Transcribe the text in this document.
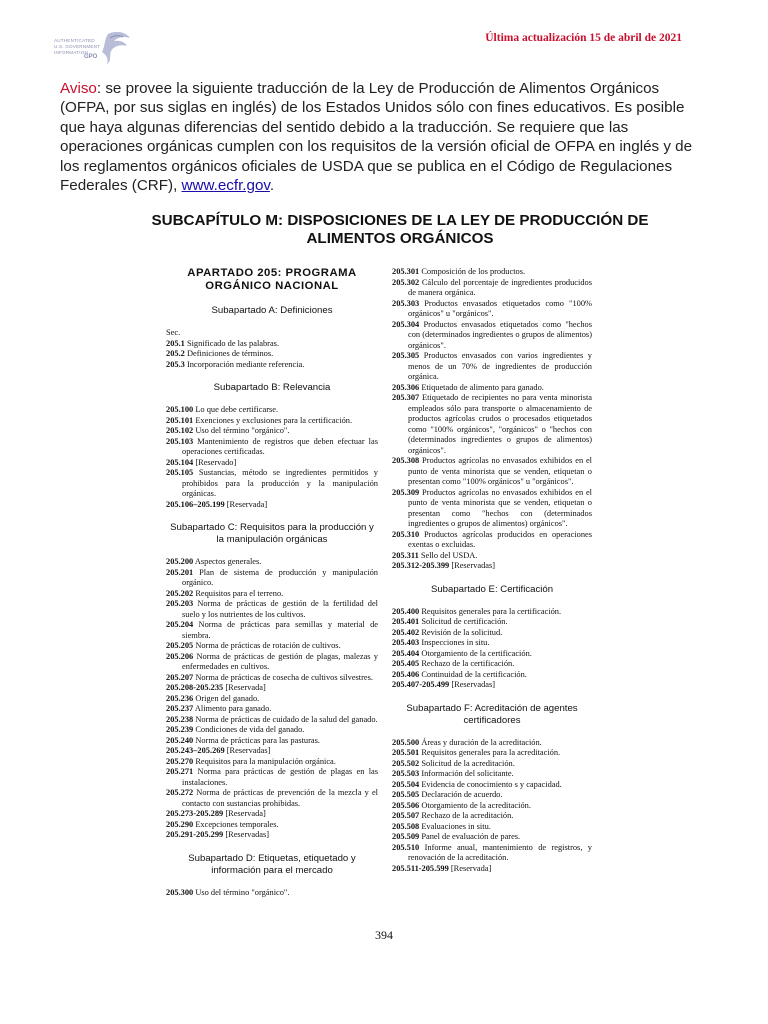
AUTHENTICATED
U.S. GOVERNMENT
INFORMATION
GPO
Última actualización 15 de abril de 2021
Aviso: se provee la siguiente traducción de la Ley de Producción de Alimentos Orgánicos (OFPA, por sus siglas en inglés) de los Estados Unidos sólo con fines educativos. Es posible que haya algunas diferencias del sentido debido a la traducción. Se requiere que las operaciones orgánicas cumplen con los requisitos de la versión oficial de OFPA en inglés y de los reglamentos orgánicos oficiales de USDA que se publica en el Código de Regulaciones Federales (CRF), www.ecfr.gov.
SUBCAPÍTULO M: DISPOSICIONES DE LA LEY DE PRODUCCIÓN DE ALIMENTOS ORGÁNICOS
APARTADO 205: PROGRAMA ORGÁNICO NACIONAL
Subapartado A: Definiciones
Sec.
205.1 Significado de las palabras.
205.2 Definiciones de términos.
205.3 Incorporación mediante referencia.
Subapartado B: Relevancia
205.100 Lo que debe certificarse.
205.101 Exenciones y exclusiones para la certificación.
205.102 Uso del término "orgánico".
205.103 Mantenimiento de registros que deben efectuar las operaciones certificadas.
205.104 [Reservado]
205.105 Sustancias, método se ingredientes permitidos y prohibidos para la producción y la manipulación orgánicas.
205.106–205.199 [Reservada]
Subapartado C: Requisitos para la producción y la manipulación orgánicas
205.200 Aspectos generales.
205.201 Plan de sistema de producción y manipulación orgánico.
205.202 Requisitos para el terreno.
205.203 Norma de prácticas de gestión de la fertilidad del suelo y los nutrientes de los cultivos.
205.204 Norma de prácticas para semillas y material de siembra.
205.205 Norma de prácticas de rotación de cultivos.
205.206 Norma de prácticas de gestión de plagas, malezas y enfermedades en cultivos.
205.207 Norma de prácticas de cosecha de cultivos silvestres.
205.208-205.235 [Reservada]
205.236 Origen del ganado.
205.237 Alimento para ganado.
205.238 Norma de prácticas de cuidado de la salud del ganado.
205.239 Condiciones de vida del ganado.
205.240 Norma de prácticas para las pasturas.
205.243–205.269 [Reservadas]
205.270 Requisitos para la manipulación orgánica.
205.271 Norma para prácticas de gestión de plagas en las instalaciones.
205.272 Norma de prácticas de prevención de la mezcla y el contacto con sustancias prohibidas.
205.273-205.289 [Reservada]
205.290 Excepciones temporales.
205.291-205.299 [Reservadas]
Subapartado D: Etiquetas, etiquetado y información para el mercado
205.300 Uso del término "orgánico".
205.301 Composición de los productos.
205.302 Cálculo del porcentaje de ingredientes producidos de manera orgánica.
205.303 Productos envasados etiquetados como "100% orgánicos" u "orgánicos".
205.304 Productos envasados etiquetados como "hechos con (determinados ingredientes o grupos de alimentos) orgánicos".
205.305 Productos envasados con varios ingredientes y menos de un 70% de ingredientes de producción orgánica.
205.306 Etiquetado de alimento para ganado.
205.307 Etiquetado de recipientes no para venta minorista empleados sólo para transporte o almacenamiento de productos agrícolas crudos o procesados etiquetados como "100% orgánicos", "orgánicos" o "hechos con (determinados ingredientes o grupos de alimentos) orgánicos".
205.308 Productos agrícolas no envasados exhibidos en el punto de venta minorista que se venden, etiquetan o presentan como "100% orgánicos" u "orgánicos".
205.309 Productos agrícolas no envasados exhibidos en el punto de venta minorista que se venden, etiquetan o presentan como "hechos con (determinados ingredientes o grupos de alimentos) orgánicos".
205.310 Productos agrícolas producidos en operaciones exentas o excluidas.
205.311 Sello del USDA.
205.312-205.399 [Reservadas]
Subapartado E: Certificación
205.400 Requisitos generales para la certificación.
205.401 Solicitud de certificación.
205.402 Revisión de la solicitud.
205.403 Inspecciones in situ.
205.404 Otorgamiento de la certificación.
205.405 Rechazo de la certificación.
205.406 Continuidad de la certificación.
205.407-205.499 [Reservadas]
Subapartado F: Acreditación de agentes certificadores
205.500 Áreas y duración de la acreditación.
205.501 Requisitos generales para la acreditación.
205.502 Solicitud de la acreditación.
205.503 Información del solicitante.
205.504 Evidencia de conocimiento s y capacidad.
205.505 Declaración de acuerdo.
205.506 Otorgamiento de la acreditación.
205.507 Rechazo de la acreditación.
205.508 Evaluaciones in situ.
205.509 Panel de evaluación de pares.
205.510 Informe anual, mantenimiento de registros, y renovación de la acreditación.
205.511-205.599 [Reservada]
394
